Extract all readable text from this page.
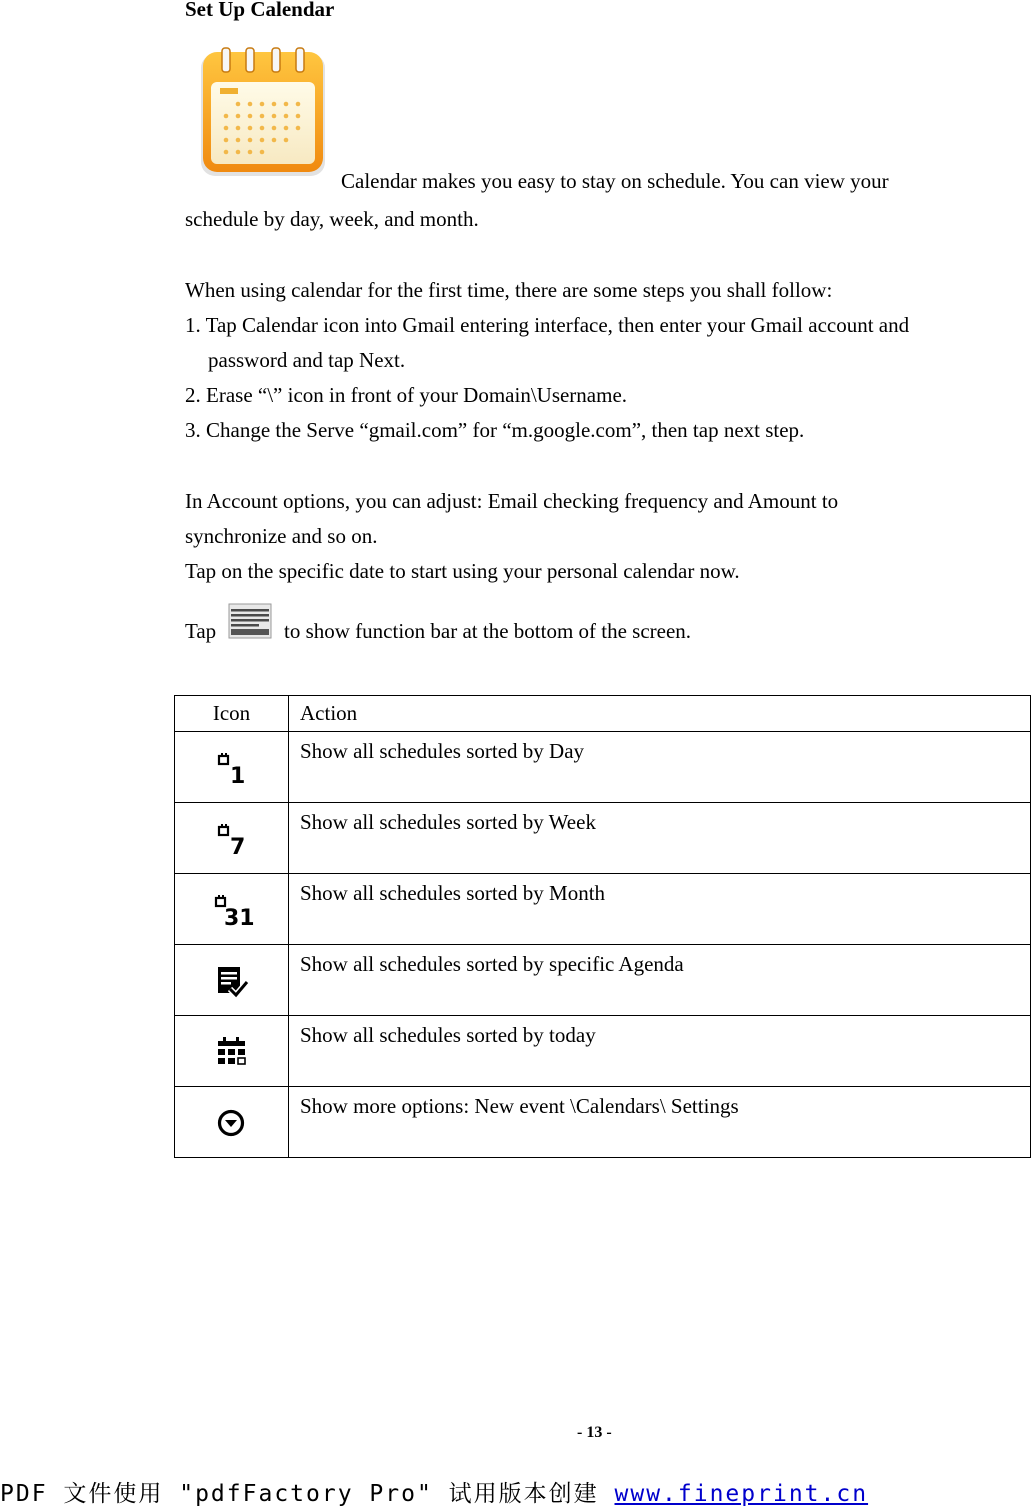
Set Up Calendar
Calendar makes you easy to stay on schedule. You can view your
schedule by day, week, and month.
When using calendar for the first time, there are some steps you shall follow:
1. Tap Calendar icon into Gmail entering interface, then enter your Gmail account and
password and tap Next.
2. Erase “\” icon in front of your Domain\Username.
3. Change the Serve “gmail.com” for “m.google.com”, then tap next step.
In Account options, you can adjust: Email checking frequency and Amount to
synchronize and so on.
Tap on the specific date to start using your personal calendar now.
Tap	to show function bar at the bottom of the screen.
Icon	Action

1	Show all schedules sorted by Day

7	Show all schedules sorted by Week

31	Show all schedules sorted by Month
	Show all schedules sorted by specific Agenda
	Show all schedules sorted by today
	Show more options: New event \Calendars\ Settings
- 13 -
PDF 文件使用 "pdfFactory Pro" 试用版本创建 www.fineprint.cn
